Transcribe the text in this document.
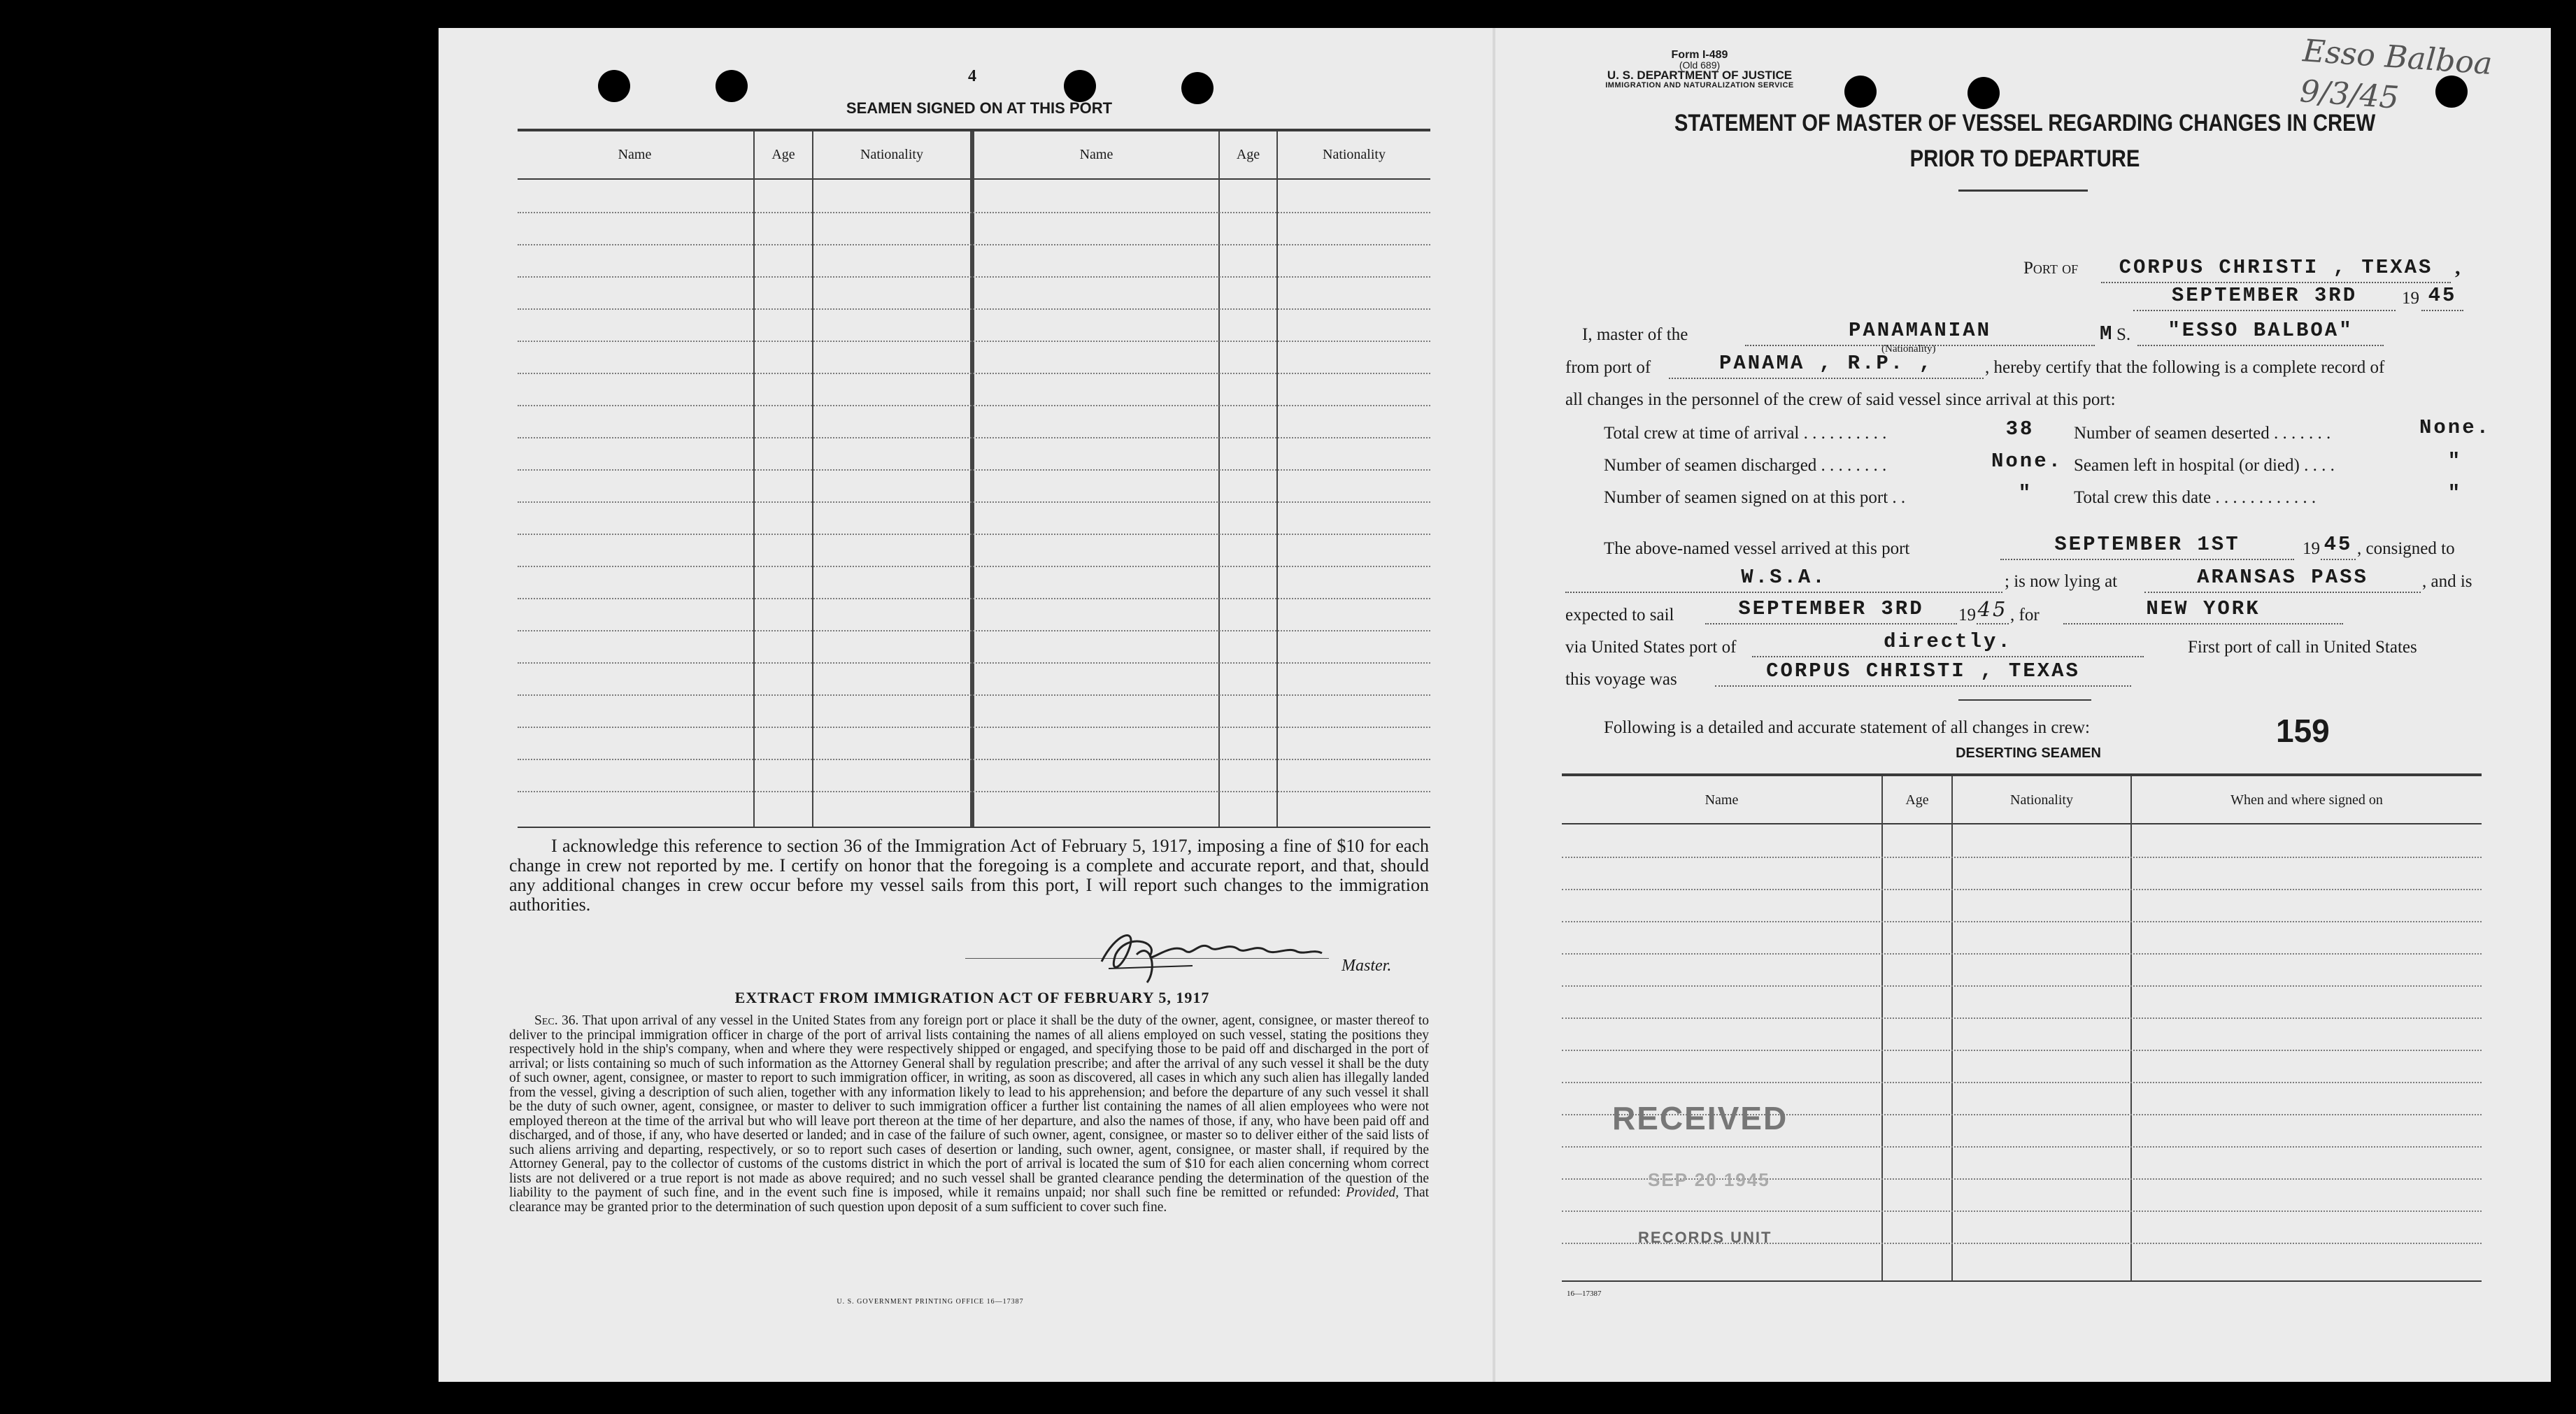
4
SEAMEN SIGNED ON AT THIS PORT
Name	Age	Nationality	Name	Age	Nationality
I acknowledge this reference to section 36 of the Immigration Act of February 5, 1917, imposing a fine of $10 for each change in crew not reported by me. I certify on honor that the foregoing is a complete and accurate report, and that, should any additional changes in crew occur before my vessel sails from this port, I will report such changes to the immigration authorities.
Master.
EXTRACT FROM IMMIGRATION ACT OF FEBRUARY 5, 1917
Sec. 36. That upon arrival of any vessel in the United States from any foreign port or place it shall be the duty of the owner, agent, consignee, or master thereof to deliver to the principal immigration officer in charge of the port of arrival lists containing the names of all aliens employed on such vessel, stating the positions they respectively hold in the ship's company, when and where they were respectively shipped or engaged, and specifying those to be paid off and discharged in the port of arrival; or lists containing so much of such information as the Attorney General shall by regulation prescribe; and after the arrival of any such vessel it shall be the duty of such owner, agent, consignee, or master to report to such immigration officer, in writing, as soon as discovered, all cases in which any such alien has illegally landed from the vessel, giving a description of such alien, together with any information likely to lead to his apprehension; and before the departure of any such vessel it shall be the duty of such owner, agent, consignee, or master to deliver to such immigration officer a further list containing the names of all alien employees who were not employed thereon at the time of the arrival but who will leave port thereon at the time of her departure, and also the names of those, if any, who have been paid off and discharged, and of those, if any, who have deserted or landed; and in case of the failure of such owner, agent, consignee, or master so to deliver either of the said lists of such aliens arriving and departing, respectively, or so to report such cases of desertion or landing, such owner, agent, consignee, or master shall, if required by the Attorney General, pay to the collector of customs of the customs district in which the port of arrival is located the sum of $10 for each alien concerning whom correct lists are not delivered or a true report is not made as above required; and no such vessel shall be granted clearance pending the determination of the question of the liability to the payment of such fine, and in the event such fine is imposed, while it remains unpaid; nor shall such fine be remitted or refunded: Provided, That clearance may be granted prior to the determination of such question upon deposit of a sum sufficient to cover such fine.
U. S. GOVERNMENT PRINTING OFFICE 16—17387
Form I-489
(Old 689)
U. S. DEPARTMENT OF JUSTICE
IMMIGRATION AND NATURALIZATION SERVICE
Esso Balboa 9/3/45
STATEMENT OF MASTER OF VESSEL REGARDING CHANGES IN CREW
PRIOR TO DEPARTURE
Port of	CORPUS CHRISTI , TEXAS	,
SEPTEMBER 3RD	19 45
I, master of the	PANAMANIAN
(Nationality)
M S.	"ESSO BALBOA"
from port of	PANAMA , R.P. ,	, hereby certify that the following is a complete record of
all changes in the personnel of the crew of said vessel since arrival at this port:
Total crew at time of arrival . . . . . . . . . .	38	Number of seamen deserted . . . . . . .	None.
Number of seamen discharged . . . . . . . .	None. Seamen left in hospital (or died) . . . .	"
Number of seamen signed on at this port . .	"	Total crew this date . . . . . . . . . . . .	"
The above-named vessel arrived at this port	SEPTEMBER 1ST	19 45 , consigned to
W.S.A.	; is now lying at	ARANSAS PASS	, and is
expected to sail	SEPTEMBER 3RD	19 45 , for	NEW YORK
via United States port of	directly.	First port of call in United States
this voyage was	CORPUS CHRISTI , TEXAS
Following is a detailed and accurate statement of all changes in crew:	159
DESERTING SEAMEN
Name	Age	Nationality	When and where signed on
RECEIVED
SEP 20 1945
RECORDS UNIT
16—17387
